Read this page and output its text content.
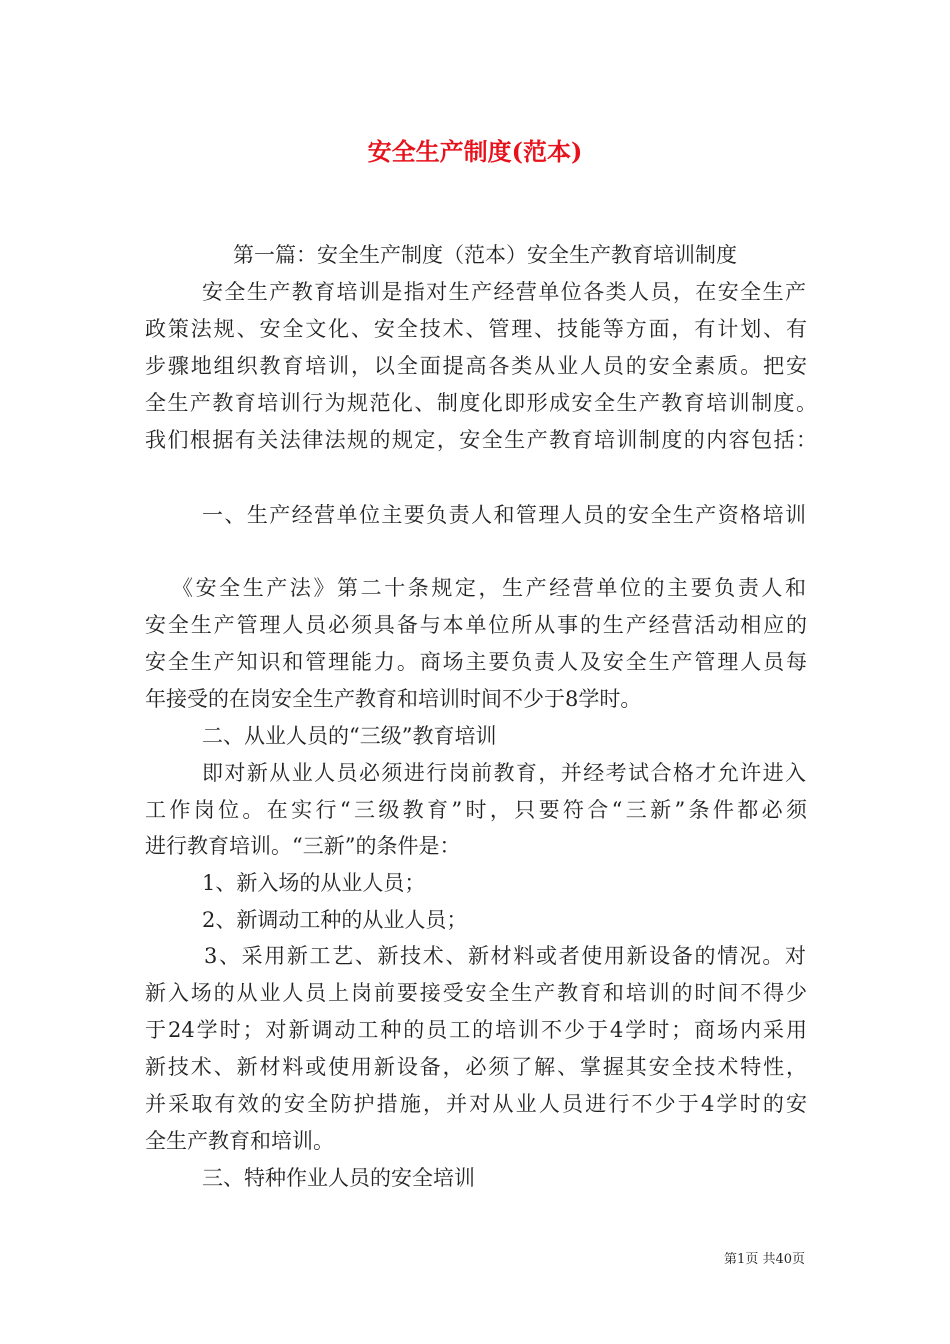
安全生产制度(范本)
第一篇：安全生产制度（范本）安全生产教育培训制度
安全生产教育培训是指对生产经营单位各类人员，在安全生产
政策法规、安全文化、安全技术、管理、技能等方面，有计划、有
步骤地组织教育培训，以全面提高各类从业人员的安全素质。把安
全生产教育培训行为规范化、制度化即形成安全生产教育培训制度。
我们根据有关法律法规的规定，安全生产教育培训制度的内容包括：
一、生产经营单位主要负责人和管理人员的安全生产资格培训
《安全生产法》第二十条规定，生产经营单位的主要负责人和
安全生产管理人员必须具备与本单位所从事的生产经营活动相应的
安全生产知识和管理能力。商场主要负责人及安全生产管理人员每
年接受的在岗安全生产教育和培训时间不少于8学时。
二、从业人员的“三级”教育培训
即对新从业人员必须进行岗前教育，并经考试合格才允许进入
工作岗位。在实行“三级教育”时，只要符合“三新”条件都必须
进行教育培训。“三新”的条件是：
1、新入场的从业人员；
2、新调动工种的从业人员；
3、采用新工艺、新技术、新材料或者使用新设备的情况。对
新入场的从业人员上岗前要接受安全生产教育和培训的时间不得少
于24学时；对新调动工种的员工的培训不少于4学时；商场内采用
新技术、新材料或使用新设备，必须了解、掌握其安全技术特性，
并采取有效的安全防护措施，并对从业人员进行不少于4学时的安
全生产教育和培训。
三、特种作业人员的安全培训
第1页 共40页
